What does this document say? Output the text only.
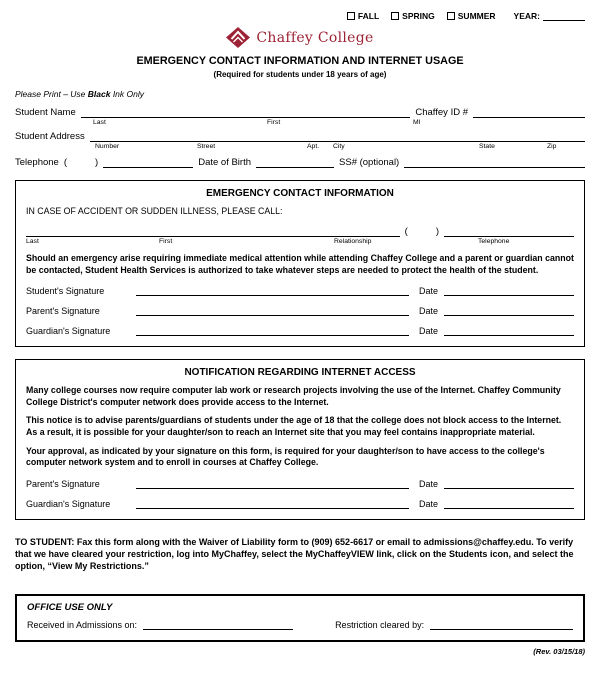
FALL	SPRING	SUMMER YEAR:
Chaffey College
EMERGENCY CONTACT INFORMATION AND INTERNET USAGE
(Required for students under 18 years of age)
Please Print – Use Black Ink Only
Student Name	Chaffey ID #
Last	First	MI
Student Address
Number	Street	Apt. City	State	Zip
Telephone (	)	Date of Birth	SS# (optional)
EMERGENCY CONTACT INFORMATION
IN CASE OF ACCIDENT OR SUDDEN ILLNESS, PLEASE CALL:
(	)
Last	First	Relationship	Telephone
Should an emergency arise requiring immediate medical attention while attending Chaffey College and a parent or guardian cannot be contacted, Student Health Services is authorized to take whatever steps are needed to protect the health of the student.
Student's Signature	Date
Parent's Signature	Date
Guardian's Signature	Date
NOTIFICATION REGARDING INTERNET ACCESS
Many college courses now require computer lab work or research projects involving the use of the Internet. Chaffey Community College District's computer network does provide access to the Internet.
This notice is to advise parents/guardians of students under the age of 18 that the college does not block access to the Internet. As a result, it is possible for your daughter/son to reach an Internet site that you may feel contains inappropriate material.
Your approval, as indicated by your signature on this form, is required for your daughter/son to have access to the college's computer network system and to enroll in courses at Chaffey College.
Parent's Signature	Date
Guardian's Signature	Date
TO STUDENT: Fax this form along with the Waiver of Liability form to (909) 652-6617 or email to admissions@chaffey.edu. To verify that we have cleared your restriction, log into MyChaffey, select the MyChaffeyVIEW link, click on the Students icon, and select the option, “View My Restrictions.”
OFFICE USE ONLY
Received in Admissions on:	Restriction cleared by:
(Rev. 03/15/18)
